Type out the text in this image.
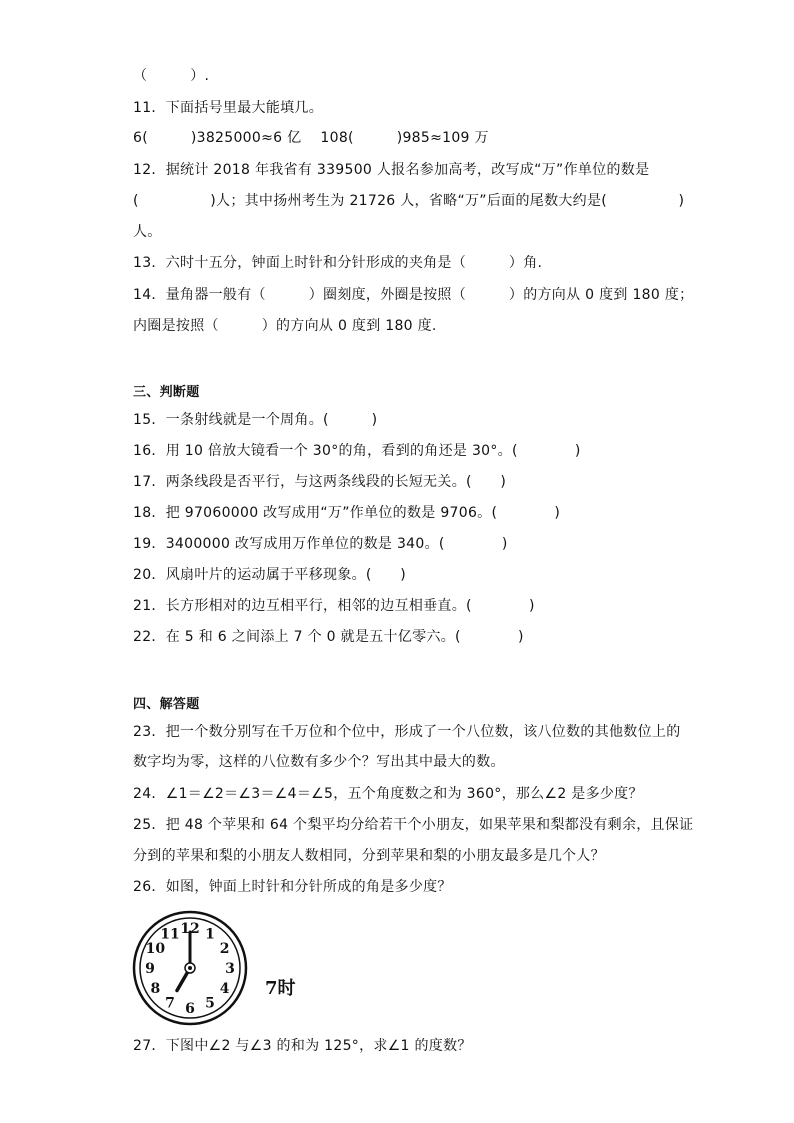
（　　　）.
11．下面括号里最大能填几。
6(　　　)3825000≈6 亿　 108(　　　)985≈109 万
12．据统计 2018 年我省有 339500 人报名参加高考，改写成“万”作单位的数是
(　　　　　)人；其中扬州考生为 21726 人，省略“万”后面的尾数大约是(　　　　　)
人。
13．六时十五分，钟面上时针和分针形成的夹角是（　　　）角.
14．量角器一般有（　　　）圈刻度，外圈是按照（　　　）的方向从 0 度到 180 度；
内圈是按照（　　　）的方向从 0 度到 180 度.
三、判断题
15．一条射线就是一个周角。(　　　)
16．用 10 倍放大镜看一个 30°的角，看到的角还是 30°。(　　　　)
17．两条线段是否平行，与这两条线段的长短无关。(　　)
18．把 97060000 改写成用“万”作单位的数是 9706。(　　　　)
19．3400000 改写成用万作单位的数是 340。(　　　　)
20．风扇叶片的运动属于平移现象。(　　)
21．长方形相对的边互相平行，相邻的边互相垂直。(　　　　)
22．在 5 和 6 之间添上 7 个 0 就是五十亿零六。(　　　　)
四、解答题
23．把一个数分别写在千万位和个位中，形成了一个八位数，该八位数的其他数位上的
数字均为零，这样的八位数有多少个？写出其中最大的数。
24．∠1＝∠2＝∠3＝∠4＝∠5，五个角度数之和为 360°，那么∠2 是多少度？
25．把 48 个苹果和 64 个梨平均分给若干个小朋友，如果苹果和梨都没有剩余，且保证
分到的苹果和梨的小朋友人数相同，分到苹果和梨的小朋友最多是几个人？
26．如图，钟面上时针和分针所成的角是多少度？
12 1
2
3
4
5
6
7
8
9
10
11
7时
27．下图中∠2 与∠3 的和为 125°，求∠1 的度数？
